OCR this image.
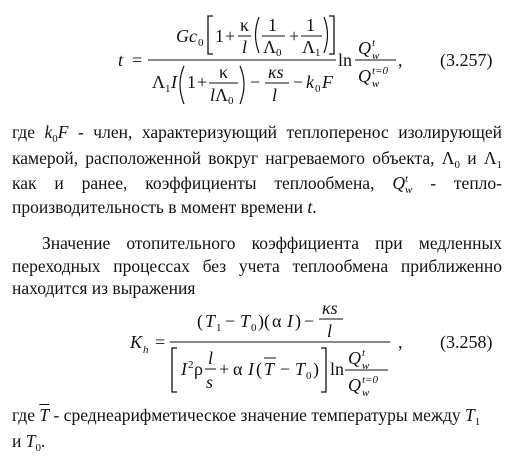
t =
Gc 0 1 +
κ
l
1
Λ 0
+
1
Λ 1
Λ 1 I 1 + κ
l Λ 0
− κs
l
− k 0 F
ln
Q t
w
Q t=0
w
, (3.257)
где $k_0F$ - член, характеризующий теплоперенос изолирующей камерой, расположенной вокруг нагреваемого объекта, $\Lambda_0$ и $\Lambda_1$ как и ранее, коэффициенты теплообмена, Q t
w - тепло-производительность в момент времени t.
Значение отопительного коэффициента при медленных переходных процессах без учета теплообмена приближенно находится из выражения
K h =
( T 1 − T 0 )( α I ) −
κs
l
I 2 ρ
l
s
+ α I ( T − T 0 ) ln
Q t
w
Q t=0
w
, (3.258)
где $\overline{T}$ - среднеарифметическое значение температуры между $T_1$
и $T_0$.
